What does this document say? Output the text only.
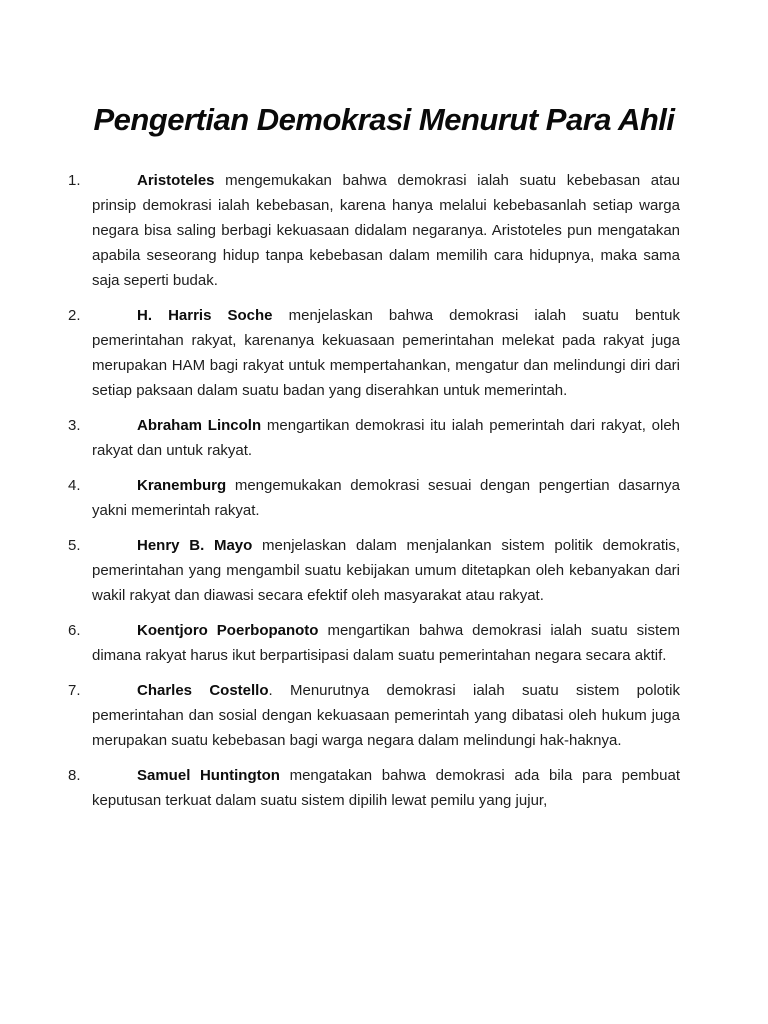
Pengertian Demokrasi Menurut Para Ahli
1.	Aristoteles mengemukakan bahwa demokrasi ialah suatu kebebasan atau prinsip demokrasi ialah kebebasan, karena hanya melalui kebebasanlah setiap warga negara bisa saling berbagi kekuasaan didalam negaranya. Aristoteles pun mengatakan apabila seseorang hidup tanpa kebebasan dalam memilih cara hidupnya, maka sama saja seperti budak.

2.	H. Harris Soche menjelaskan bahwa demokrasi ialah suatu bentuk pemerintahan rakyat, karenanya kekuasaan pemerintahan melekat pada rakyat juga merupakan HAM bagi rakyat untuk mempertahankan, mengatur dan melindungi diri dari setiap paksaan dalam suatu badan yang diserahkan untuk memerintah.

3.	Abraham Lincoln mengartikan demokrasi itu ialah pemerintah dari rakyat, oleh rakyat dan untuk rakyat.

4.	Kranemburg mengemukakan demokrasi sesuai dengan pengertian dasarnya yakni memerintah rakyat.

5.	Henry B. Mayo menjelaskan dalam menjalankan sistem politik demokratis, pemerintahan yang mengambil suatu kebijakan umum ditetapkan oleh kebanyakan dari wakil rakyat dan diawasi secara efektif oleh masyarakat atau rakyat.

6.	Koentjoro Poerbopanoto mengartikan bahwa demokrasi ialah suatu sistem dimana rakyat harus ikut berpartisipasi dalam suatu pemerintahan negara secara aktif.

7.	Charles Costello. Menurutnya demokrasi ialah suatu sistem polotik pemerintahan dan sosial dengan kekuasaan pemerintah yang dibatasi oleh hukum juga merupakan suatu kebebasan bagi warga negara dalam melindungi hak-haknya.

8.	Samuel Huntington mengatakan bahwa demokrasi ada bila para pembuat keputusan terkuat dalam suatu sistem dipilih lewat pemilu yang jujur,
